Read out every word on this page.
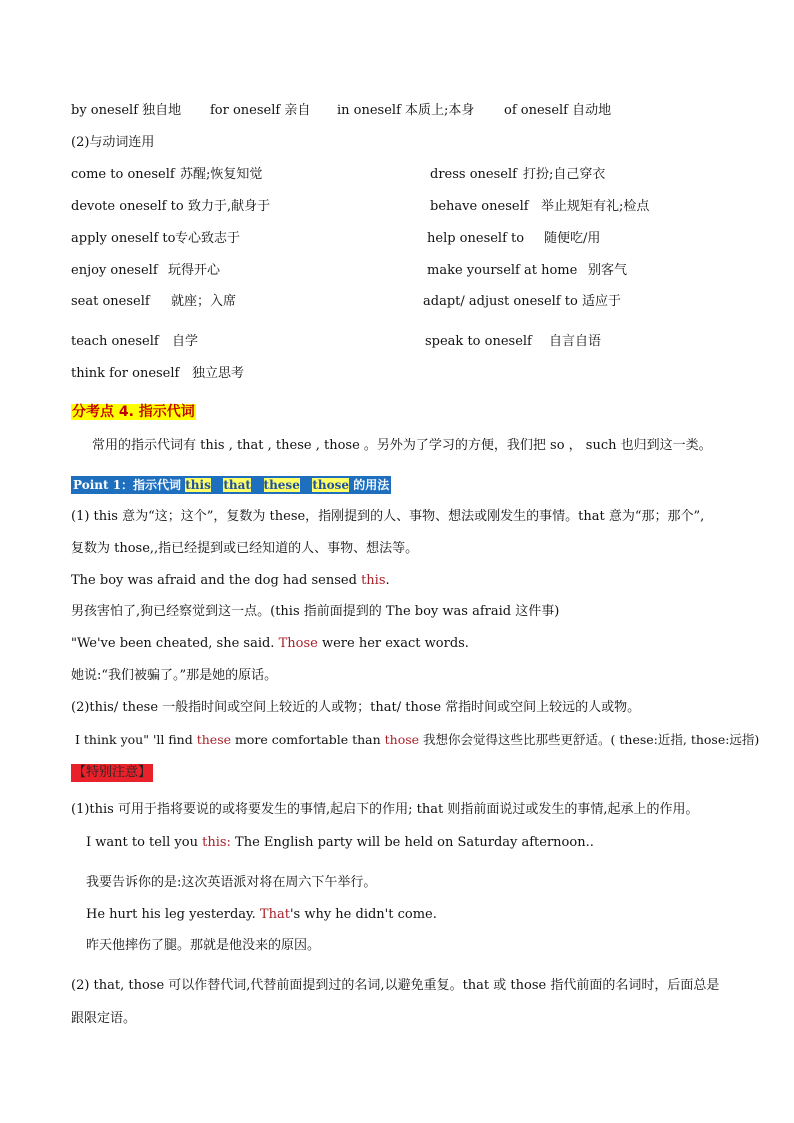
by oneself 独自地 for oneself 亲自 in oneself 本质上;本身 of oneself 自动地
(2)与动词连用
come to oneself 苏醒;恢复知觉	dress oneself 打扮;自己穿衣
devote oneself to 致力于,献身于	behave oneself 举止规矩有礼;检点
apply oneself to 专心致志于	help oneself to 随便吃/用
enjoy oneself 玩得开心	make yourself at home 别客气
seat oneself 就座；入席	adapt/ adjust oneself to 适应于
teach oneself 自学	speak to oneself 自言自语
think for oneself 独立思考
分考点 4. 指示代词
常用的指示代词有 this , that , these , those 。另外为了学习的方便，我们把 so ， such 也归到这一类。
Point 1：指示代词 this that these those 的用法
(1) this 意为“这；这个”，复数为 these，指刚提到的人、事物、想法或刚发生的事情。that 意为“那；那个”,
复数为 those,,指已经提到或已经知道的人、事物、想法等。
The boy was afraid and the dog had sensed this.
男孩害怕了,狗已经察觉到这一点。(this 指前面提到的 The boy was afraid 这件事)
"We've been cheated, she said. Those were her exact words.
她说:“我们被骗了。”那是她的原话。
(2)this/ these 一般指时间或空间上较近的人或物；that/ those 常指时间或空间上较远的人或物。
I think you" 'll find these more comfortable than those 我想你会觉得这些比那些更舒适。( these:近指, those:远指)
【特别注意】
(1)this 可用于指将要说的或将要发生的事情,起启下的作用; that 则指前面说过或发生的事情,起承上的作用。
I want to tell you this: The English party will be held on Saturday afternoon..
我要告诉你的是:这次英语派对将在周六下午举行。
He hurt his leg yesterday. That's why he didn't come.
昨天他摔伤了腿。那就是他没来的原因。
(2) that, those 可以作替代词,代替前面提到过的名词,以避免重复。that 或 those 指代前面的名词时，后面总是
跟限定语。
